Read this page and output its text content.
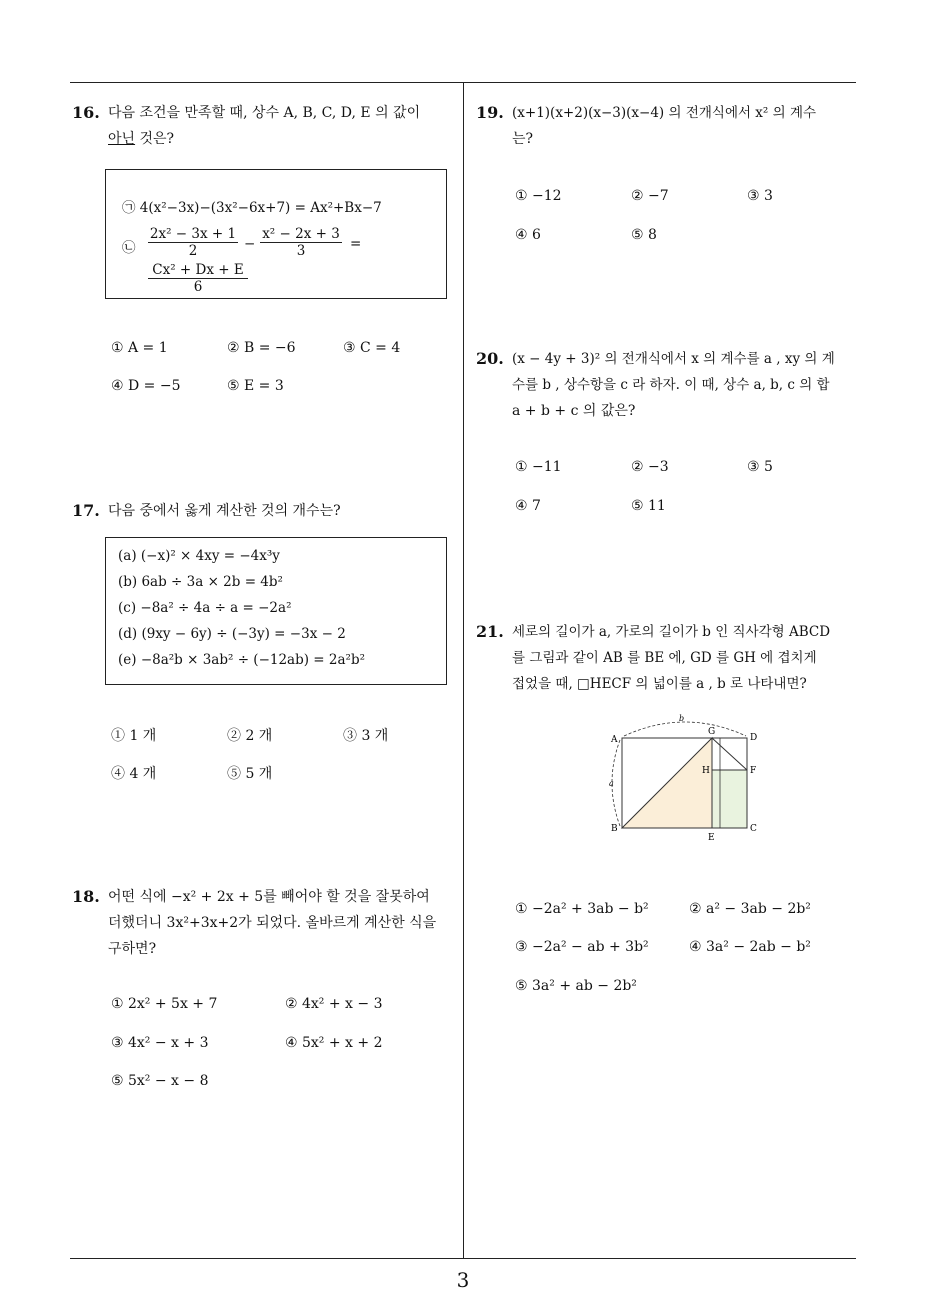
16. 다음 조건을 만족할 때, 상수 A, B, C, D, E 의 값이
아닌 것은?
㉠ 4(x²−3x)−(3x²−6x+7) = Ax²+Bx−7
㉡ $\frac{\text{2x² − 3x + 1}}{2} - \frac{\text{x² − 2x + 3}}{3}$ =
$\frac{\text{Cx² + Dx + E}}{6}$
① A = 1	② B = −6	③ C = 4
④ D = −5	⑤ E = 3
17. 다음 중에서 옳게 계산한 것의 개수는?
(a) (−x)² × 4xy = −4x³y
(b) 6ab ÷ 3a × 2b = 4b²
(c) −8a² ÷ 4a ÷ a = −2a²
(d) (9xy − 6y) ÷ (−3y) = −3x − 2
(e) −8a²b × 3ab² ÷ (−12ab) = 2a²b²
① 1 개	② 2 개	③ 3 개
④ 4 개	⑤ 5 개
18. 어떤 식에 −x² + 2x + 5를 빼어야 할 것을 잘못하여
더했더니 3x²+3x+2가 되었다. 올바르게 계산한 식을
구하면?
① 2x² + 5x + 7	② 4x² + x − 3
③ 4x² − x + 3	④ 5x² + x + 2
⑤ 5x² − x − 8
19. (x+1)(x+2)(x−3)(x−4) 의 전개식에서 x² 의 계수
는?
① −12	② −7	③ 3
④ 6	⑤ 8
20. (x − 4y + 3)² 의 전개식에서 x 의 계수를 a , xy 의 계
수를 b , 상수항을 c 라 하자. 이 때, 상수 a, b, c 의 합
a + b + c 의 값은?
① −11	② −3	③ 5
④ 7	⑤ 11
21. 세로의 길이가 a, 가로의 길이가 b 인 직사각형 ABCD
를 그림과 같이 AB 를 BE 에, GD 를 GH 에 겹치게
접었을 때, □HECF 의 넓이를 a , b 로 나타내면?
A
B	C
D
E
F
G
H
a
b
① −2a² + 3ab − b²	② a² − 3ab − 2b²
③ −2a² − ab + 3b²	④ 3a² − 2ab − b²
⑤ 3a² + ab − 2b²
3
